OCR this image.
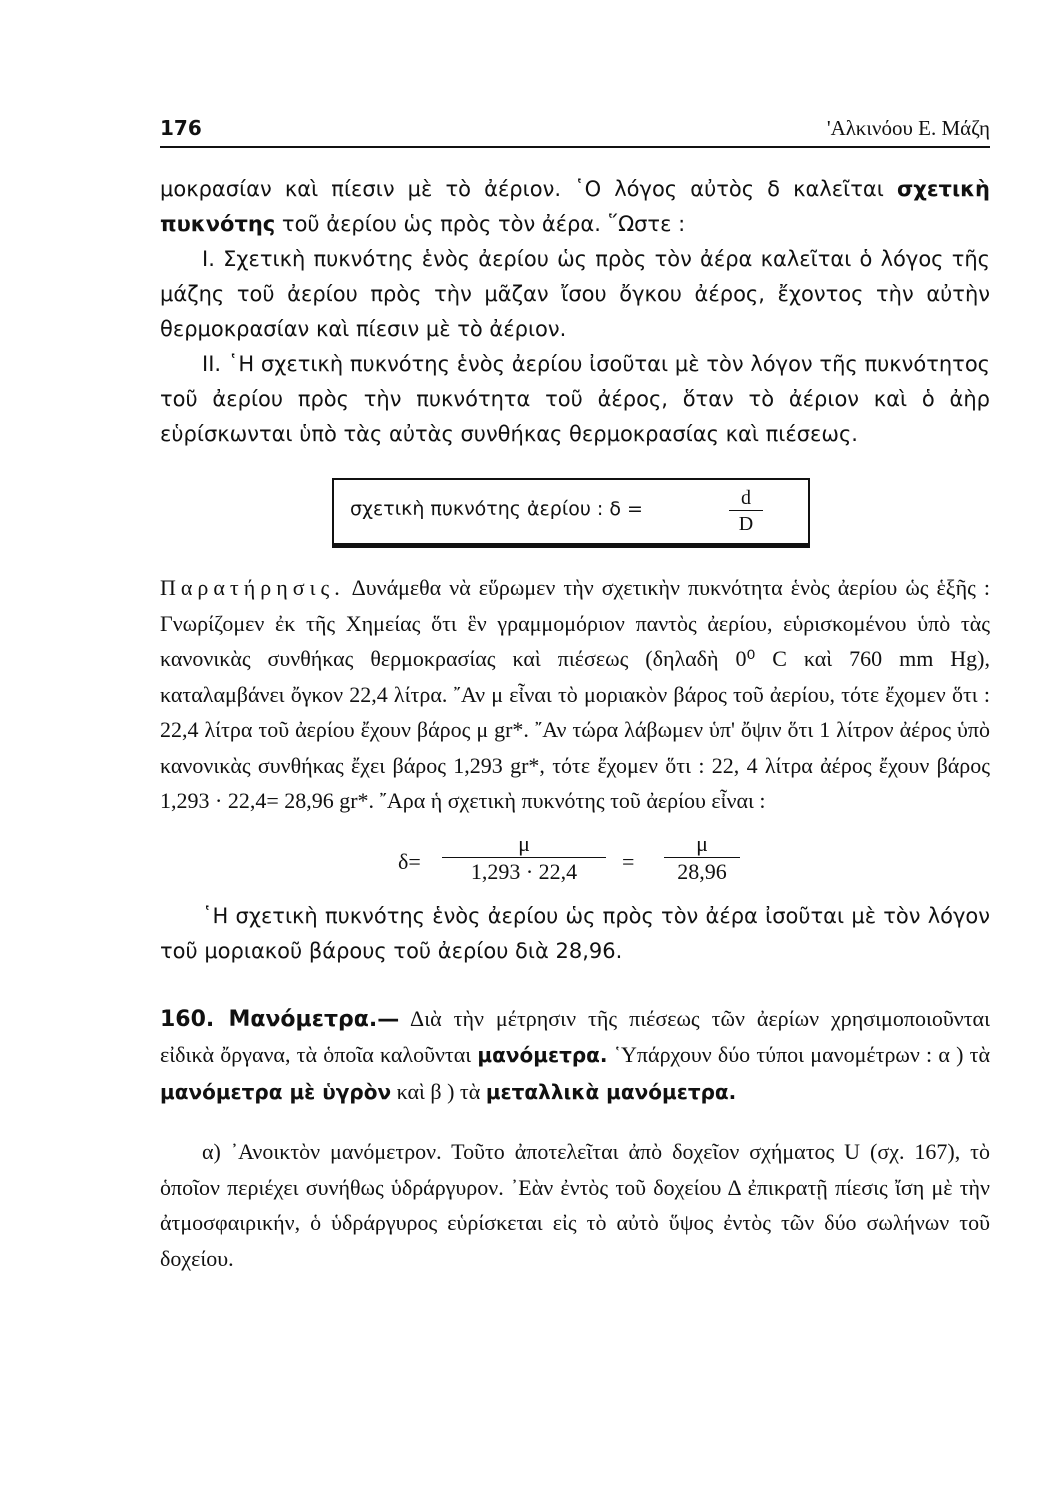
176	'Αλκινόου Ε. Μάζη

μοκρασίαν καὶ πίεσιν μὲ τὸ ἀέριον. ῾Ο λόγος αὐτὸς δ καλεῖται σχετικὴ πυκνότης τοῦ ἀερίου ὡς πρὸς τὸν ἀέρα. ῞Ωστε :

I. Σχετικὴ πυκνότης ἑνὸς ἀερίου ὡς πρὸς τὸν ἀέρα καλεῖται ὁ λόγος τῆς μάζης τοῦ ἀερίου πρὸς τὴν μᾶζαν ἴσου ὄγκου ἀέρος, ἔχοντος τὴν αὐτὴν θερμοκρασίαν καὶ πίεσιν μὲ τὸ ἀέριον.

II. ῾Η σχετικὴ πυκνότης ἑνὸς ἀερίου ἰσοῦται μὲ τὸν λόγον τῆς πυκνότητος τοῦ ἀερίου πρὸς τὴν πυκνότητα τοῦ ἀέρος, ὅταν τὸ ἀέριον καὶ ὁ ἀὴρ εὑρίσκωνται ὑπὸ τὰς αὐτὰς συνθήκας θερμοκρασίας καὶ πιέσεως.

σχετικὴ πυκνότης ἀερίου : δ =	$\frac{d}{D}$

Παρατήρησις. Δυνάμεθα νὰ εὕρωμεν τὴν σχετικὴν πυκνότητα ἑνὸς ἀερίου ὡς ἑξῆς : Γνωρίζομεν ἐκ τῆς Χημείας ὅτι ἓν γραμμομόριον παντὸς ἀερίου, εὑρισκομένου ὑπὸ τὰς κανονικὰς συνθήκας θερμοκρασίας καὶ πιέσεως (δηλαδὴ 0⁰ C καὶ 760 mm Hg), καταλαμβάνει ὄγκον 22,4 λίτρα. ῎Αν μ εἶναι τὸ μοριακὸν βάρος τοῦ ἀερίου, τότε ἔχομεν ὅτι : 22,4 λίτρα τοῦ ἀερίου ἔχουν βάρος μ gr*. ῎Αν τώρα λάβωμεν ὑπ' ὄψιν ὅτι 1 λίτρον ἀέρος ὑπὸ κανονικὰς συνθήκας ἔχει βάρος 1,293 gr*, τότε ἔχομεν ὅτι : 22, 4 λίτρα ἀέρος ἔχουν βάρος 1,293 · 22,4= 28,96 gr*. ῎Αρα ἡ σχετικὴ πυκνότης τοῦ ἀερίου εἶναι :

$\delta= \frac{\mu}{1,293 \cdot 22,4} = \frac{\mu}{28,96}$

῾Η σχετικὴ πυκνότης ἑνὸς ἀερίου ὡς πρὸς τὸν ἀέρα ἰσοῦται μὲ τὸν λόγον τοῦ μοριακοῦ βάρους τοῦ ἀερίου διὰ 28,96.

160. Μανόμετρα.— Διὰ τὴν μέτρησιν τῆς πιέσεως τῶν ἀερίων χρησιμοποιοῦνται εἰδικὰ ὄργανα, τὰ ὁποῖα καλοῦνται μανόμετρα. ῾Υπάρχουν δύο τύποι μανομέτρων : α ) τὰ μανόμετρα μὲ ὑγρὸν καὶ β ) τὰ μεταλλικὰ μανόμετρα.

α) ᾿Ανοικτὸν μανόμετρον. Τοῦτο ἀποτελεῖται ἀπὸ δοχεῖον σχήματος U (σχ. 167), τὸ ὁποῖον περιέχει συνήθως ὑδράργυρον. ᾿Εὰν ἐντὸς τοῦ δοχείου Δ ἐπικρατῇ πίεσις ἴση μὲ τὴν ἀτμοσφαιρικήν, ὁ ὑδράργυρος εὑρίσκεται εἰς τὸ αὐτὸ ὕψος ἐντὸς τῶν δύο σωλήνων τοῦ δοχείου.
